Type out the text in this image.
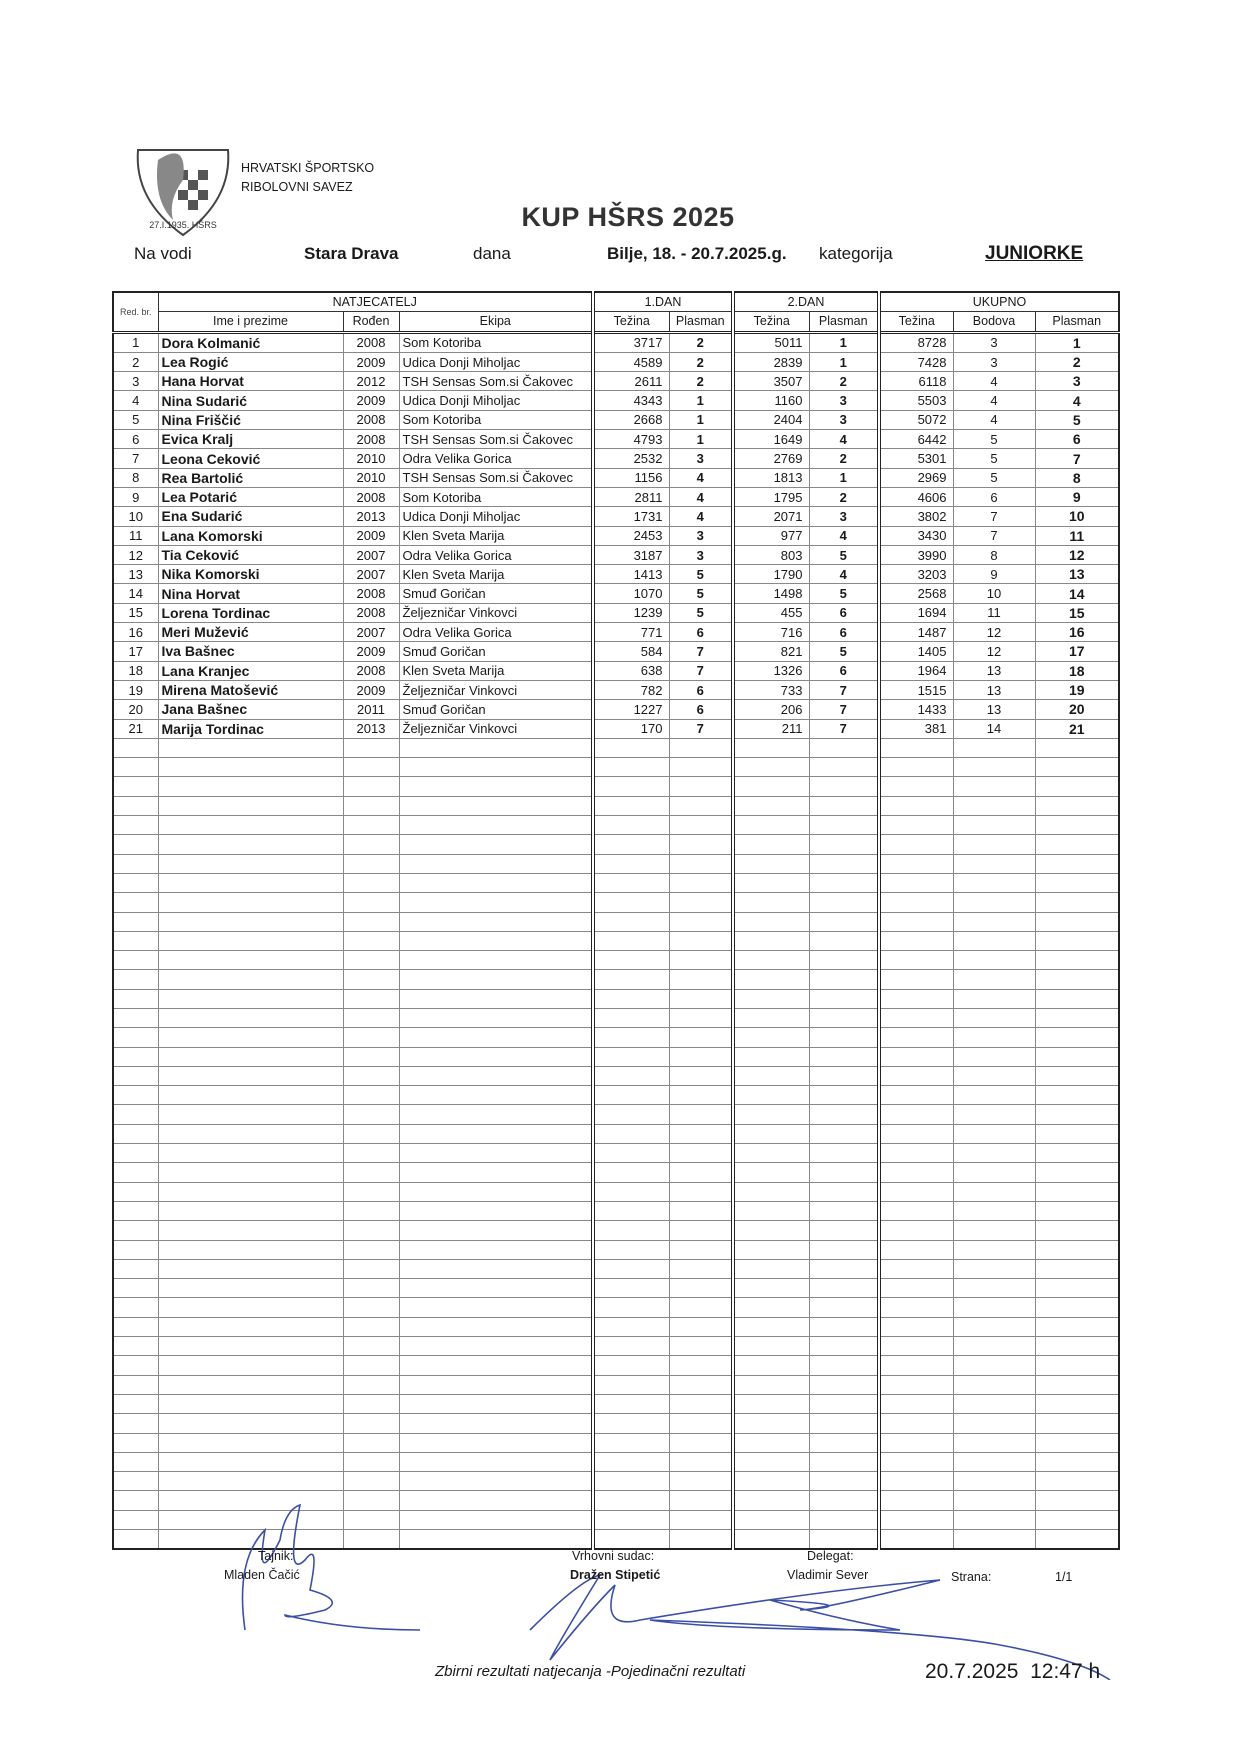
27.I.1935. HŠRS
HRVATSKI ŠPORTSKO
RIBOLOVNI SAVEZ
KUP HŠRS 2025
Na vodi	Stara Drava	dana	Bilje, 18. - 20.7.2025.g. kategorija	JUNIORKE
Red. br.	NATJECATELJ			1.DAN		2.DAN		UKUPNO		
	Ime i prezime	Rođen	Ekipa	Težina	Plasman	Težina	Plasman	Težina	Bodova	Plasman
1	Dora Kolmanić	2008	Som Kotoriba	3717	2	5011	1	8728	3	1
2	Lea Rogić	2009	Udica Donji Miholjac	4589	2	2839	1	7428	3	2
3	Hana Horvat	2012	TSH Sensas Som.si Čakovec	2611	2	3507	2	6118	4	3
4	Nina Sudarić	2009	Udica Donji Miholjac	4343	1	1160	3	5503	4	4
5	Nina Friščić	2008	Som Kotoriba	2668	1	2404	3	5072	4	5
6	Evica Kralj	2008	TSH Sensas Som.si Čakovec	4793	1	1649	4	6442	5	6
7	Leona Ceković	2010	Odra Velika Gorica	2532	3	2769	2	5301	5	7
8	Rea Bartolić	2010	TSH Sensas Som.si Čakovec	1156	4	1813	1	2969	5	8
9	Lea Potarić	2008	Som Kotoriba	2811	4	1795	2	4606	6	9
10	Ena Sudarić	2013	Udica Donji Miholjac	1731	4	2071	3	3802	7	10
11	Lana Komorski	2009	Klen Sveta Marija	2453	3	977	4	3430	7	11
12	Tia Ceković	2007	Odra Velika Gorica	3187	3	803	5	3990	8	12
13	Nika Komorski	2007	Klen Sveta Marija	1413	5	1790	4	3203	9	13
14	Nina Horvat	2008	Smuđ Goričan	1070	5	1498	5	2568	10	14
15	Lorena Tordinac	2008	Željezničar Vinkovci	1239	5	455	6	1694	11	15
16	Meri Mužević	2007	Odra Velika Gorica	771	6	716	6	1487	12	16
17	Iva Bašnec	2009	Smuđ Goričan	584	7	821	5	1405	12	17
18	Lana Kranjec	2008	Klen Sveta Marija	638	7	1326	6	1964	13	18
19	Mirena Matošević	2009	Željezničar Vinkovci	782	6	733	7	1515	13	19
20	Jana Bašnec	2011	Smuđ Goričan	1227	6	206	7	1433	13	20
21	Marija Tordinac	2013	Željezničar Vinkovci	170	7	211	7	381	14	21

Tajnik:
Mladen Čačić
Vrhovni sudac:
Dražen Stipetić
Delegat:
Vladimir Sever	Strana:	1/1
Zbirni rezultati natjecanja -Pojedinačni rezultati	20.7.2025  12:47 h
